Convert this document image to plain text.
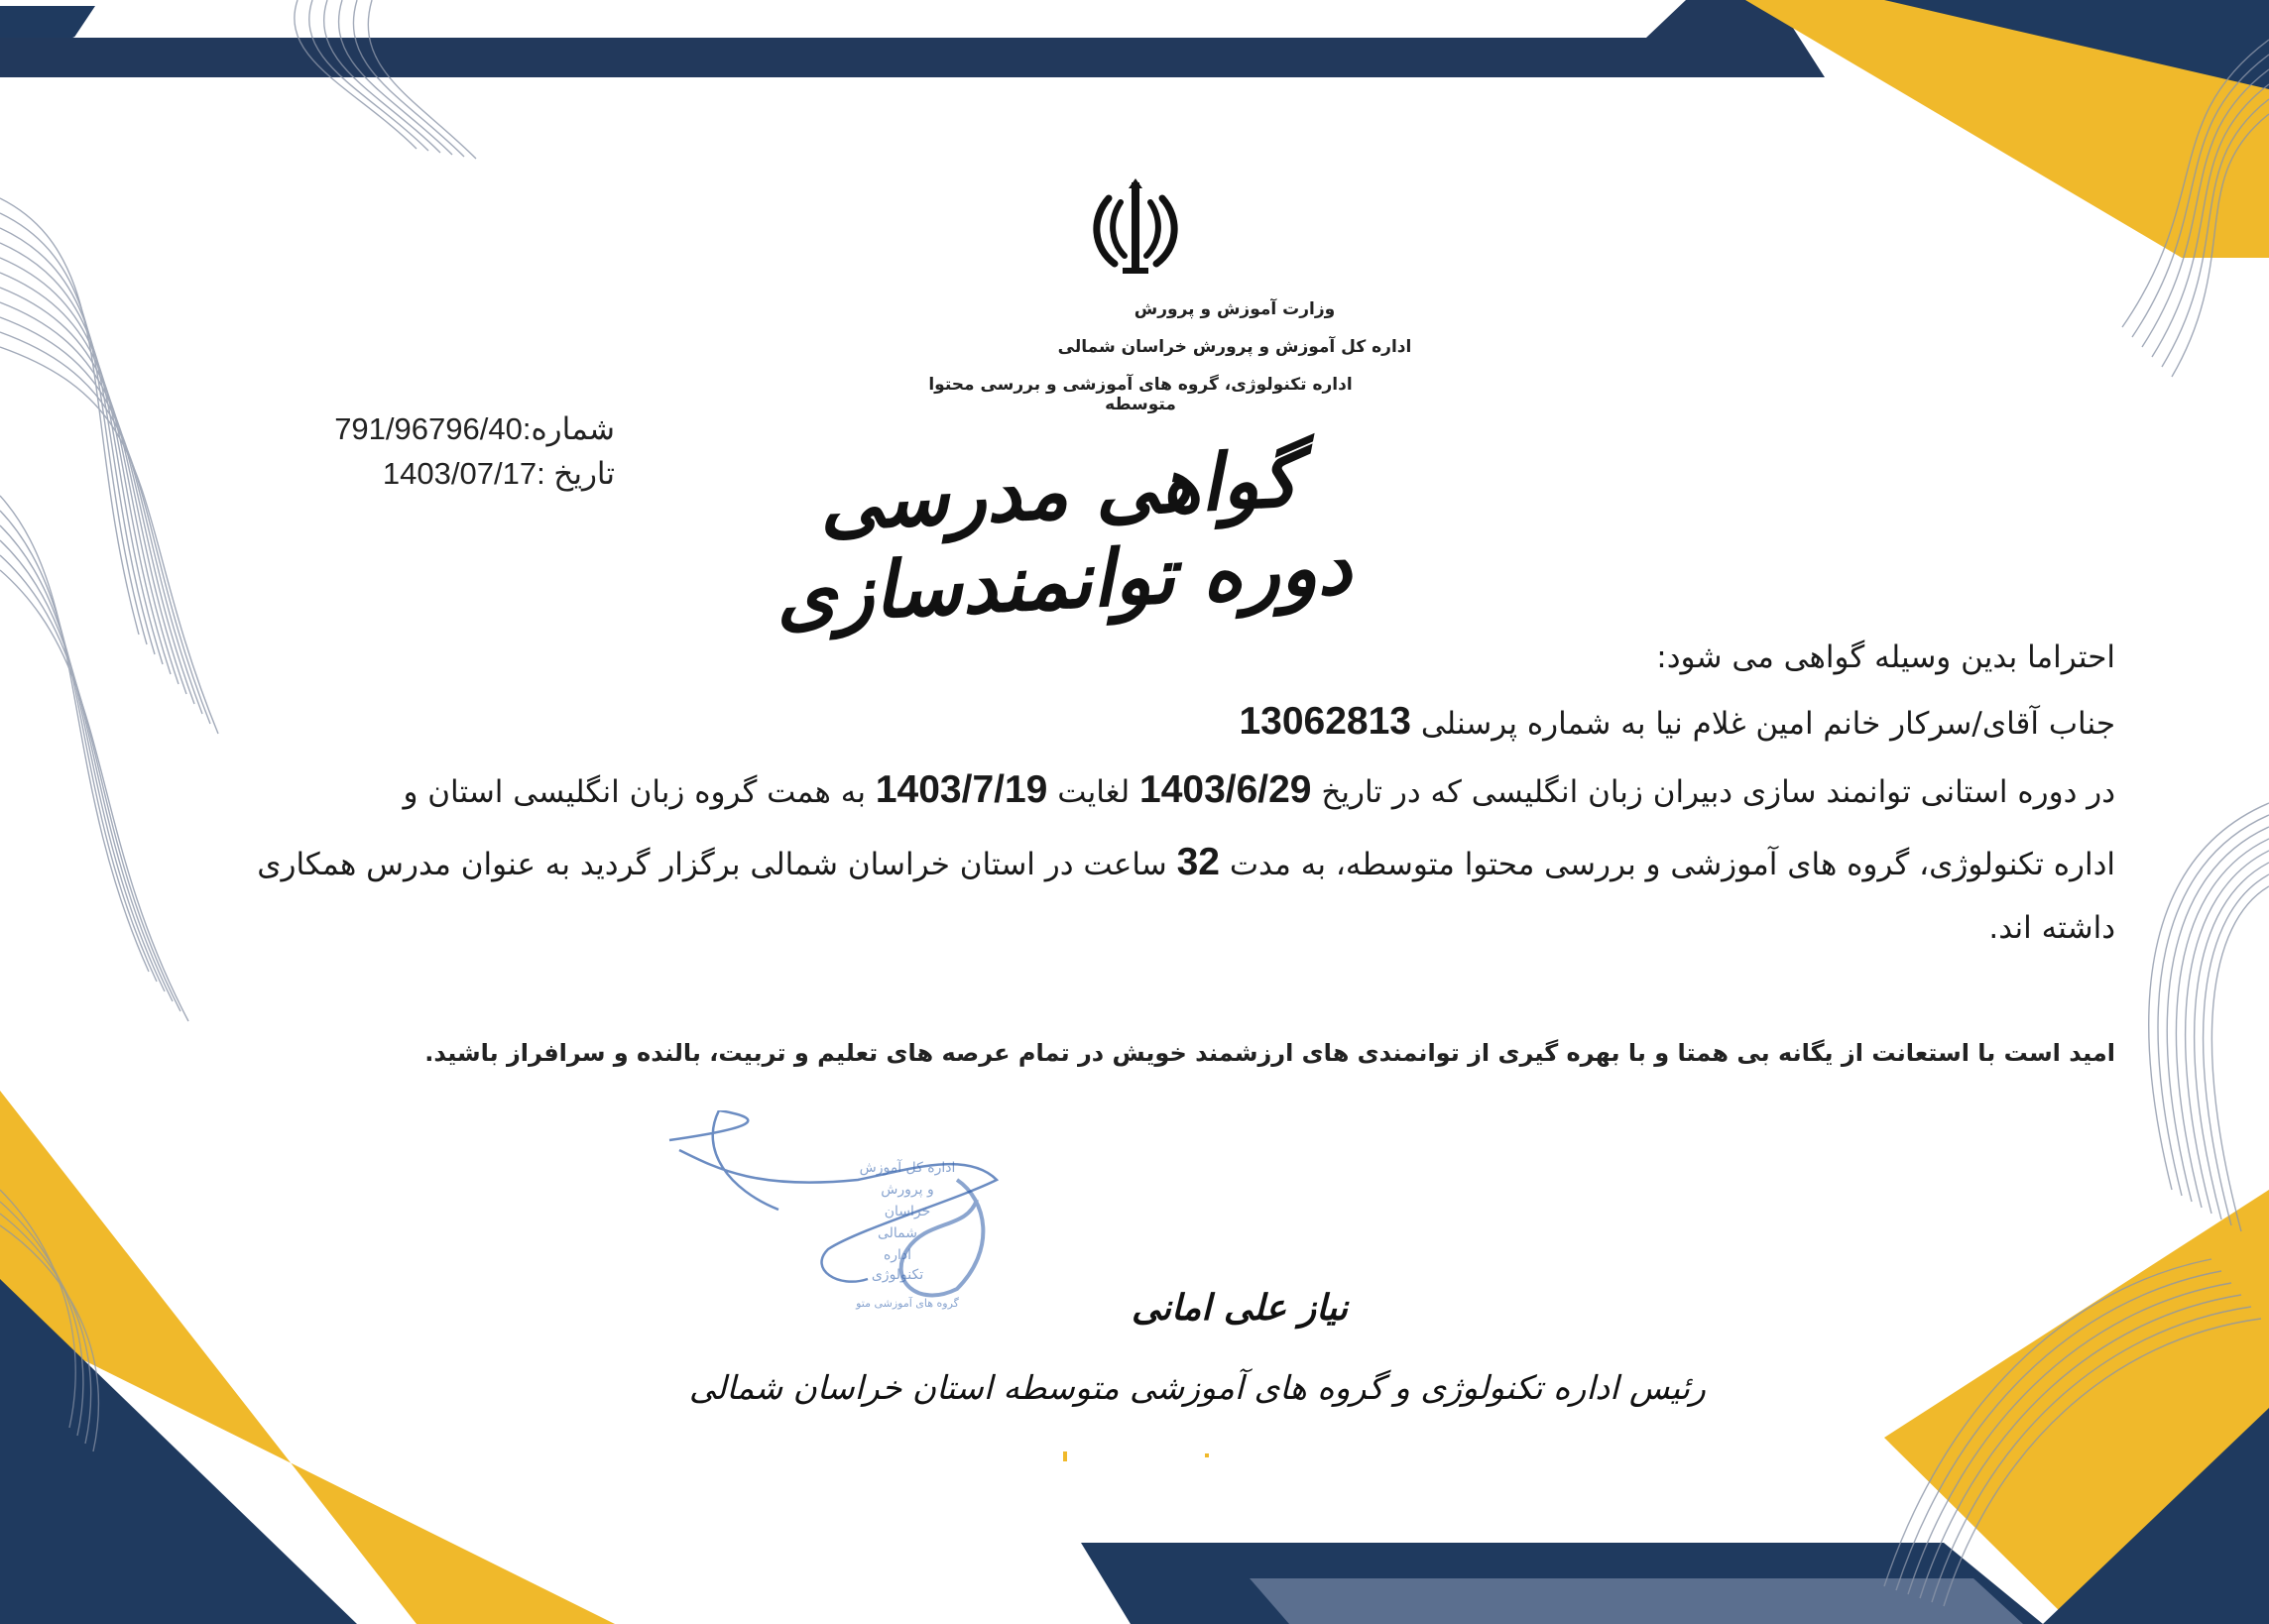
وزارت آموزش و پرورش
اداره کل آموزش و پرورش خراسان شمالی
اداره تکنولوژی، گروه های آموزشی و بررسی محتوا متوسطه
شماره:791/96796/40
تاریخ :1403/07/17	گواهی مدرسی دوره توانمندسازی
احتراما بدین وسیله گواهی می شود:
جناب آقای/سرکار خانم امین غلام نیا به شماره پرسنلی 13062813
در دوره استانی توانمند سازی دبیران زبان انگلیسی که در تاریخ 1403/6/29 لغایت 1403/7/19 به همت گروه زبان انگلیسی استان و
اداره تکنولوژی، گروه های آموزشی و بررسی محتوا متوسطه، به مدت 32 ساعت در استان خراسان شمالی برگزار گردید به عنوان مدرس همکاری
داشته اند.
امید است با استعانت از یگانه بی همتا و با بهره گیری از توانمندی های ارزشمند خویش در تمام عرصه های تعلیم و تربیت، بالنده و سرافراز باشید.
اداره کل آموزش
و پرورش
خراسان
شمالی
اداره
تکنولوژی
گروه های آموزشی متو	نیاز علی امانی
رئیس اداره تکنولوژی و گروه های آموزشی متوسطه استان خراسان شمالی
